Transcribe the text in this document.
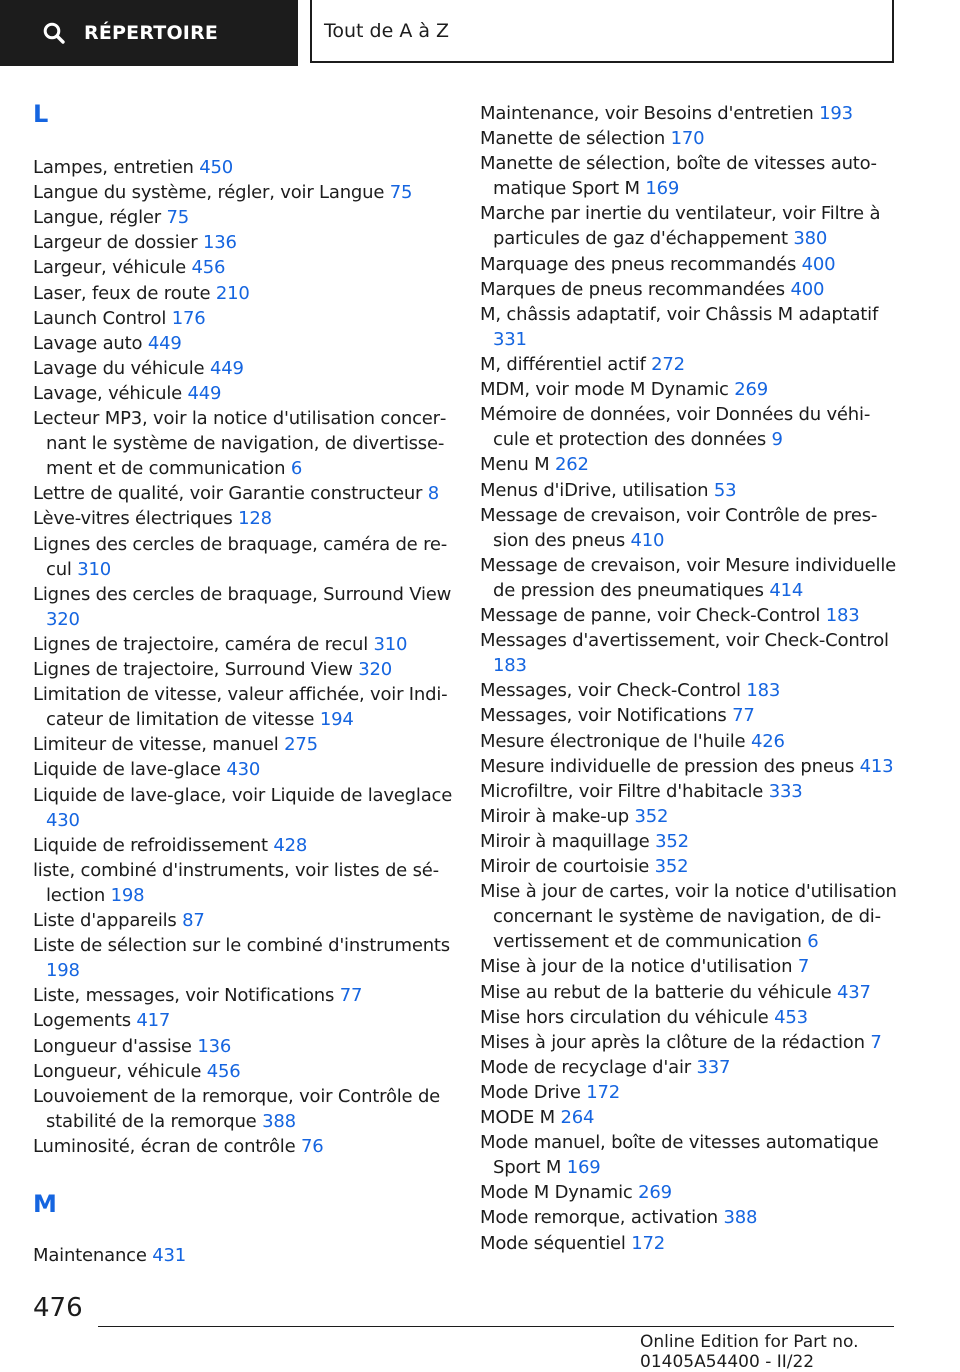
RÉPERTOIRE	Tout de A à Z
L
Lampes, entretien 450
Langue du système, régler, voir Langue 75
Langue, régler 75
Largeur de dossier 136
Largeur, véhicule 456
Laser, feux de route 210
Launch Control 176
Lavage auto 449
Lavage du véhicule 449
Lavage, véhicule 449
Lecteur MP3, voir la notice d'utilisation concernant le système de navigation, de divertissement et de communication 6
Lettre de qualité, voir Garantie constructeur 8
Lève-vitres électriques 128
Lignes des cercles de braquage, caméra de recul 310
Lignes des cercles de braquage, Surround View 320
Lignes de trajectoire, caméra de recul 310
Lignes de trajectoire, Surround View 320
Limitation de vitesse, valeur affichée, voir Indicateur de limitation de vitesse 194
Limiteur de vitesse, manuel 275
Liquide de lave-glace 430
Liquide de lave-glace, voir Liquide de laveglace 430
Liquide de refroidissement 428
liste, combiné d'instruments, voir listes de sélection 198
Liste d'appareils 87
Liste de sélection sur le combiné d'instruments 198
Liste, messages, voir Notifications 77
Logements 417
Longueur d'assise 136
Longueur, véhicule 456
Louvoiement de la remorque, voir Contrôle de stabilité de la remorque 388
Luminosité, écran de contrôle 76
M
Maintenance 431
Maintenance, voir Besoins d'entretien 193
Manette de sélection 170
Manette de sélection, boîte de vitesses automatique Sport M 169
Marche par inertie du ventilateur, voir Filtre à particules de gaz d'échappement 380
Marquage des pneus recommandés 400
Marques de pneus recommandées 400
M, châssis adaptatif, voir Châssis M adaptatif 331
M, différentiel actif 272
MDM, voir mode M Dynamic 269
Mémoire de données, voir Données du véhicule et protection des données 9
Menu M 262
Menus d'iDrive, utilisation 53
Message de crevaison, voir Contrôle de pression des pneus 410
Message de crevaison, voir Mesure individuelle de pression des pneumatiques 414
Message de panne, voir Check-Control 183
Messages d'avertissement, voir Check-Control 183
Messages, voir Check-Control 183
Messages, voir Notifications 77
Mesure électronique de l'huile 426
Mesure individuelle de pression des pneus 413
Microfiltre, voir Filtre d'habitacle 333
Miroir à make-up 352
Miroir à maquillage 352
Miroir de courtoisie 352
Mise à jour de cartes, voir la notice d'utilisation concernant le système de navigation, de divertissement et de communication 6
Mise à jour de la notice d'utilisation 7
Mise au rebut de la batterie du véhicule 437
Mise hors circulation du véhicule 453
Mises à jour après la clôture de la rédaction 7
Mode de recyclage d'air 337
Mode Drive 172
MODE M 264
Mode manuel, boîte de vitesses automatique Sport M 169
Mode M Dynamic 269
Mode remorque, activation 388
Mode séquentiel 172
476
Online Edition for Part no. 01405A54400 - II/22
